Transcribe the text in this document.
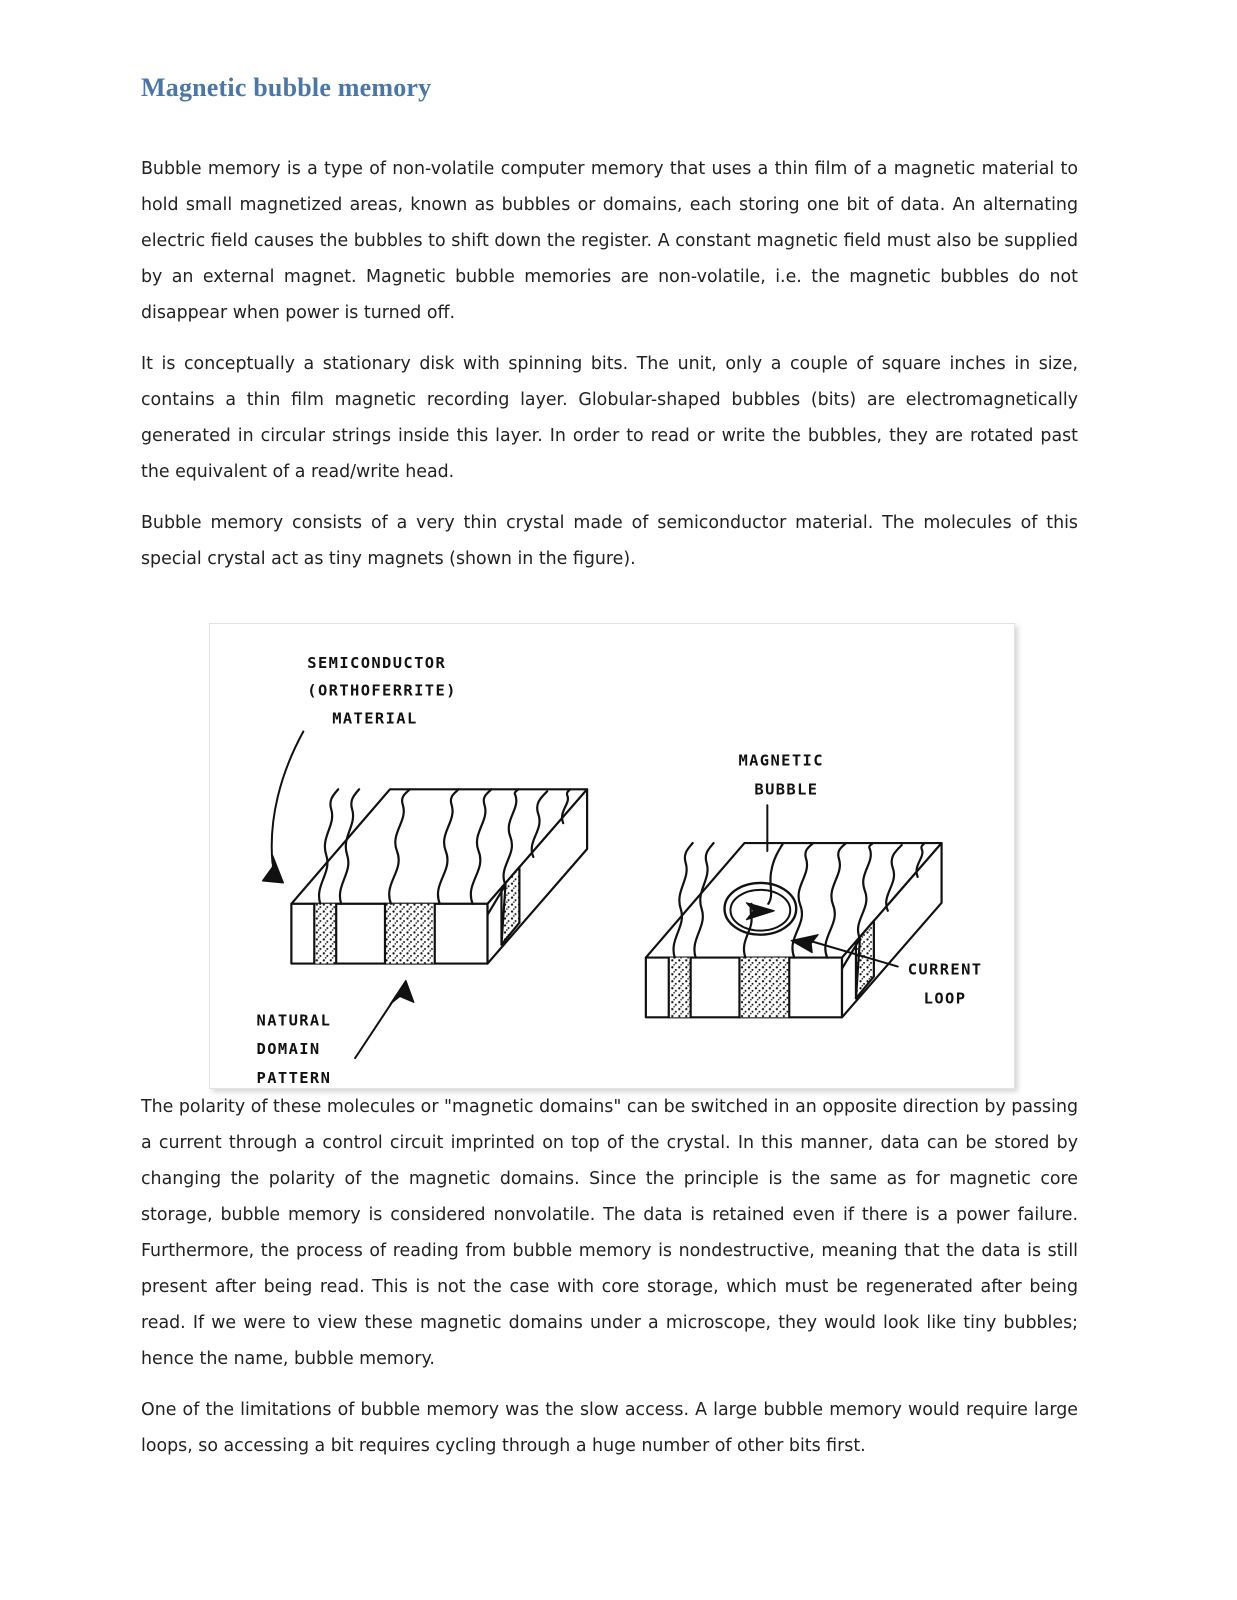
Magnetic bubble memory

Bubble memory is a type of non-volatile computer memory that uses a thin film of a magnetic material to hold small magnetized areas, known as bubbles or domains, each storing one bit of data. An alternating electric field causes the bubbles to shift down the register. A constant magnetic field must also be supplied by an external magnet. Magnetic bubble memories are non-volatile, i.e. the magnetic bubbles do not disappear when power is turned off.

It is conceptually a stationary disk with spinning bits. The unit, only a couple of square inches in size, contains a thin film magnetic recording layer. Globular-shaped bubbles (bits) are electromagnetically generated in circular strings inside this layer. In order to read or write the bubbles, they are rotated past the equivalent of a read/write head.

Bubble memory consists of a very thin crystal made of semiconductor material. The molecules of this special crystal act as tiny magnets (shown in the figure).

SEMICONDUCTOR
(ORTHOFERRITE)
MATERIAL
NATURAL
DOMAIN
PATTERN
MAGNETIC
BUBBLE
CURRENT
LOOP

The polarity of these molecules or "magnetic domains" can be switched in an opposite direction by passing a current through a control circuit imprinted on top of the crystal. In this manner, data can be stored by changing the polarity of the magnetic domains. Since the principle is the same as for magnetic core storage, bubble memory is considered nonvolatile. The data is retained even if there is a power failure. Furthermore, the process of reading from bubble memory is nondestructive, meaning that the data is still present after being read. This is not the case with core storage, which must be regenerated after being read. If we were to view these magnetic domains under a microscope, they would look like tiny bubbles; hence the name, bubble memory.

One of the limitations of bubble memory was the slow access. A large bubble memory would require large loops, so accessing a bit requires cycling through a huge number of other bits first.
